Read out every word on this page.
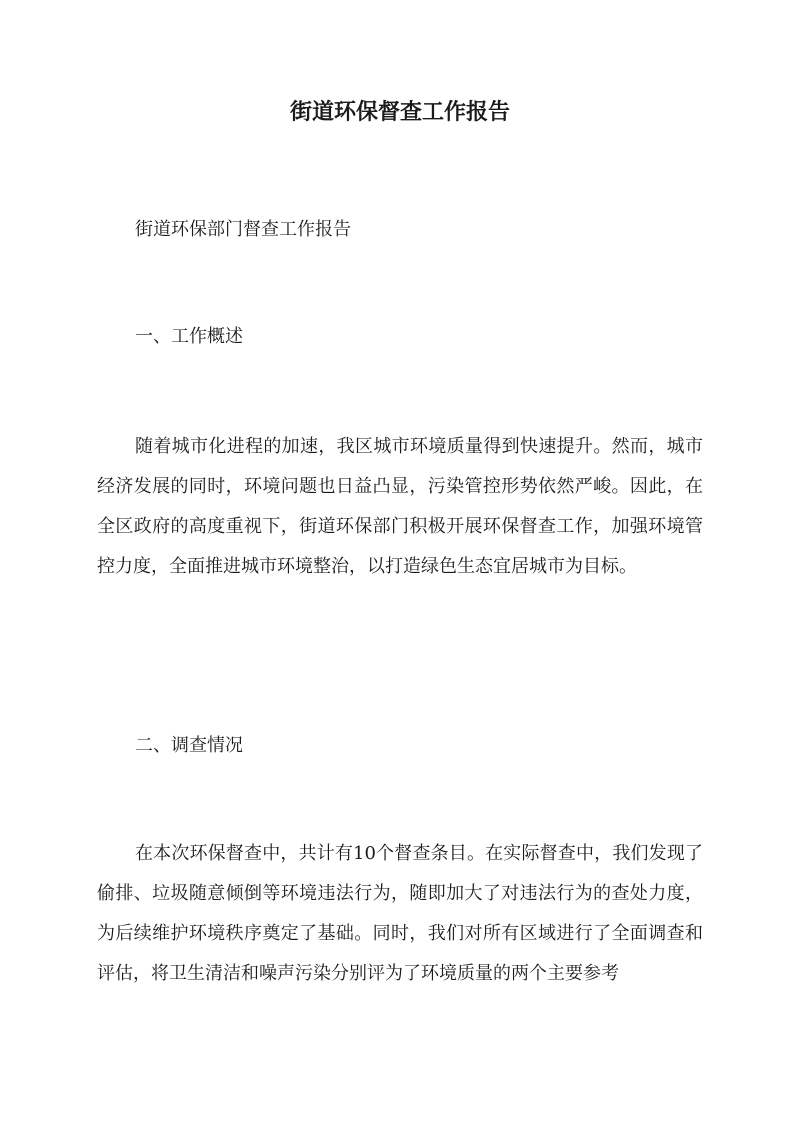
街道环保督查工作报告

街道环保部门督查工作报告

一、工作概述

随着城市化进程的加速，我区城市环境质量得到快速提升。然而，城市经济发展的同时，环境问题也日益凸显，污染管控形势依然严峻。因此，在全区政府的高度重视下，街道环保部门积极开展环保督查工作，加强环境管控力度，全面推进城市环境整治，以打造绿色生态宜居城市为目标。

二、调查情况

在本次环保督查中，共计有10个督查条目。在实际督查中，我们发现了偷排、垃圾随意倾倒等环境违法行为，随即加大了对违法行为的查处力度，为后续维护环境秩序奠定了基础。同时，我们对所有区域进行了全面调查和评估，将卫生清洁和噪声污染分别评为了环境质量的两个主要参考
